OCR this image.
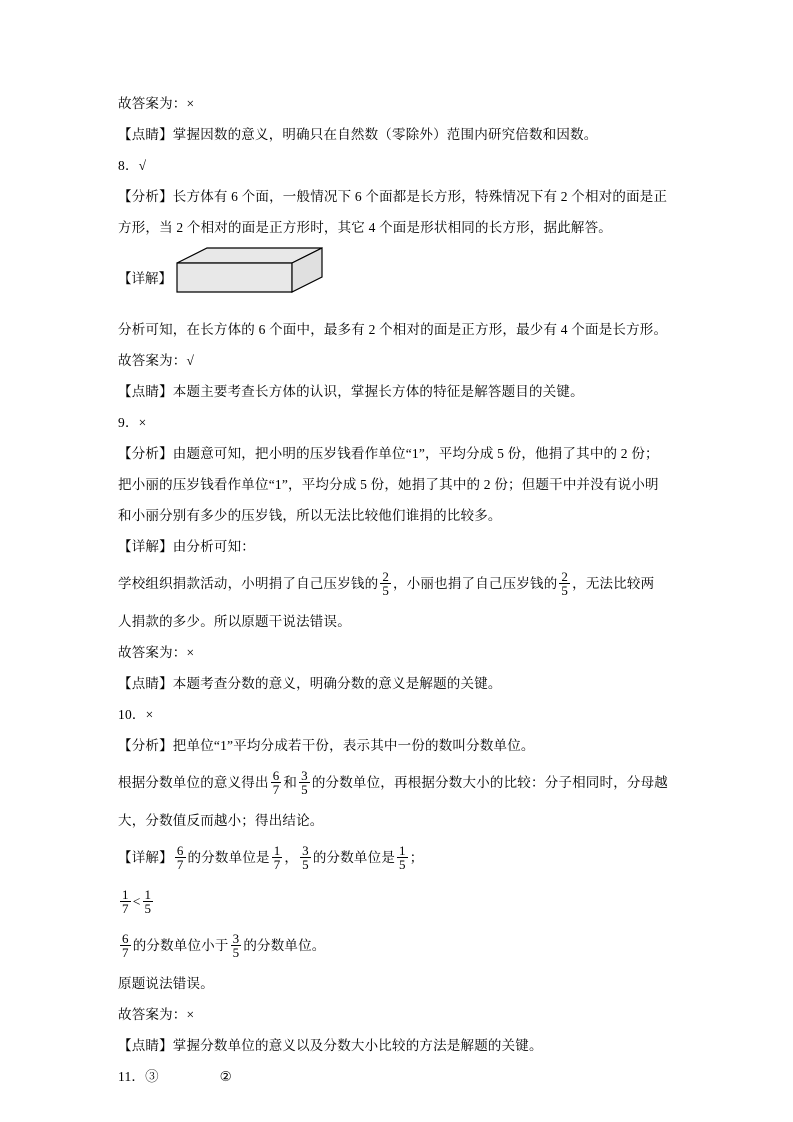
故答案为：×
【点睛】掌握因数的意义，明确只在自然数（零除外）范围内研究倍数和因数。
8．√
【分析】长方体有 6 个面，一般情况下 6 个面都是长方形，特殊情况下有 2 个相对的面是正
方形，当 2 个相对的面是正方形时，其它 4 个面是形状相同的长方形，据此解答。
【详解】
分析可知，在长方体的 6 个面中，最多有 2 个相对的面是正方形，最少有 4 个面是长方形。
故答案为：√
【点睛】本题主要考查长方体的认识，掌握长方体的特征是解答题目的关键。
9．×
【分析】由题意可知，把小明的压岁钱看作单位“1”，平均分成 5 份，他捐了其中的 2 份；
把小丽的压岁钱看作单位“1”，平均分成 5 份，她捐了其中的 2 份；但题干中并没有说小明
和小丽分别有多少的压岁钱，所以无法比较他们谁捐的比较多。
【详解】由分析可知：
学校组织捐款活动，小明捐了自己压岁钱的 $\frac{2}{5}$ ，小丽也捐了自己压岁钱的 $\frac{2}{5}$ ，无法比较两
人捐款的多少。所以原题干说法错误。
故答案为：×
【点睛】本题考查分数的意义，明确分数的意义是解题的关键。
10．×
【分析】把单位“1”平均分成若干份，表示其中一份的数叫分数单位。
根据分数单位的意义得出 $\frac{6}{7}$ 和 $\frac{3}{5}$ 的分数单位，再根据分数大小的比较：分子相同时，分母越
大，分数值反而越小；得出结论。
【详解】 $\frac{6}{7}$ 的分数单位是 $\frac{1}{7}$ ， $\frac{3}{5}$ 的分数单位是 $\frac{1}{5}$ ；
$\frac{1}{7} < \frac{1}{5}$
$\frac{6}{7}$ 的分数单位小于 $\frac{3}{5}$ 的分数单位。
原题说法错误。
故答案为：×
【点睛】掌握分数单位的意义以及分数大小比较的方法是解题的关键。
11．③	②
